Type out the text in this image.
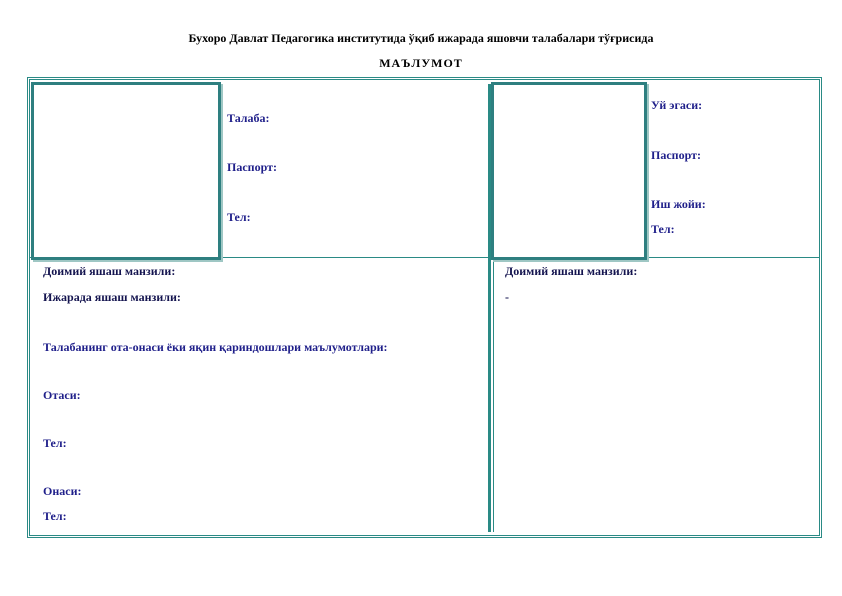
Бухоро Давлат Педагогика институтида ўқиб ижарада яшовчи талабалари тўғрисида
МАЪЛУМОТ
Талаба:
Паспорт:
Тел:
Уй эгаси:
Паспорт:
Иш жойи:
Тел:
Доимий яшаш манзили:
Ижарада яшаш манзили:
Талабанинг ота-онаси ёки яқин қариндошлари маълумотлари:
Отаси:
Тел:
Онаси:
Тел:
Доимий яшаш манзили:
-
